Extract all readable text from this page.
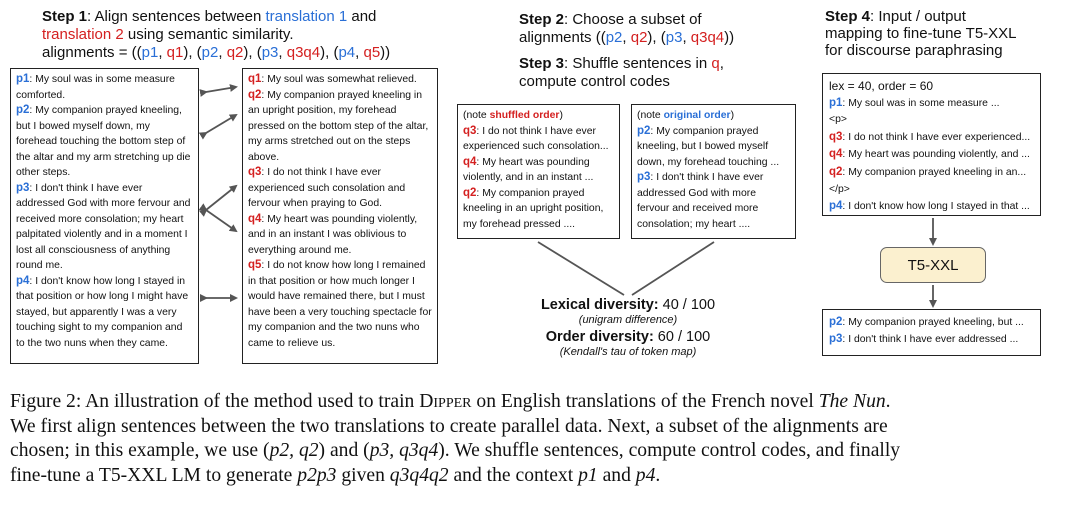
Step 1: Align sentences between translation 1 and
translation 2 using semantic similarity.
alignments = ((p1, q1), (p2, q2), (p3, q3q4), (p4, q5))
p1: My soul was in some measure comforted.
p2: My companion prayed kneeling, but I bowed myself down, my forehead touching the bottom step of the altar and my arm stretching up die other steps.
p3: I don't think I have ever addressed God with more fervour and received more consolation; my heart palpitated violently and in a moment I lost all consciousness of anything round me.
p4: I don't know how long I stayed in that position or how long I might have stayed, but apparently I was a very touching sight to my companion and to the two nuns when they came.
q1: My soul was somewhat relieved.
q2: My companion prayed kneeling in an upright position, my forehead pressed on the bottom step of the altar, my arms stretched out on the steps above.
q3: I do not think I have ever experienced such consolation and fervour when praying to God.
q4: My heart was pounding violently, and in an instant I was oblivious to everything around me.
q5: I do not know how long I remained in that position or how much longer I would have remained there, but I must have been a very touching spectacle for my companion and the two nuns who came to relieve us.
Step 2: Choose a subset of
alignments ((p2, q2), (p3, q3q4))
Step 3: Shuffle sentences in q,
compute control codes
(note shuffled order)
q3: I do not think I have ever experienced such consolation...
q4: My heart was pounding violently, and in an instant ...
q2: My companion prayed kneeling in an upright position, my forehead pressed ....
(note original order)
p2: My companion prayed kneeling, but I bowed myself down, my forehead touching ...
p3: I don't think I have ever addressed God with more fervour and received more consolation; my heart ....
Lexical diversity: 40 / 100
(unigram difference)
Order diversity: 60 / 100
(Kendall's tau of token map)
Step 4: Input / output
mapping to fine-tune T5-XXL
for discourse paraphrasing
lex = 40, order = 60
p1: My soul was in some measure ...
<p>
q3: I do not think I have ever experienced...
q4: My heart was pounding violently, and ...
q2: My companion prayed kneeling in an...
</p>
p4: I don't know how long I stayed in that ...
T5-XXL
p2: My companion prayed kneeling, but ...
p3: I don't think I have ever addressed ...
Figure 2: An illustration of the method used to train Dipper on English translations of the French novel The Nun.
We first align sentences between the two translations to create parallel data. Next, a subset of the alignments are
chosen; in this example, we use (p2, q2) and (p3, q3q4). We shuffle sentences, compute control codes, and finally
fine-tune a T5-XXL LM to generate p2p3 given q3q4q2 and the context p1 and p4.
